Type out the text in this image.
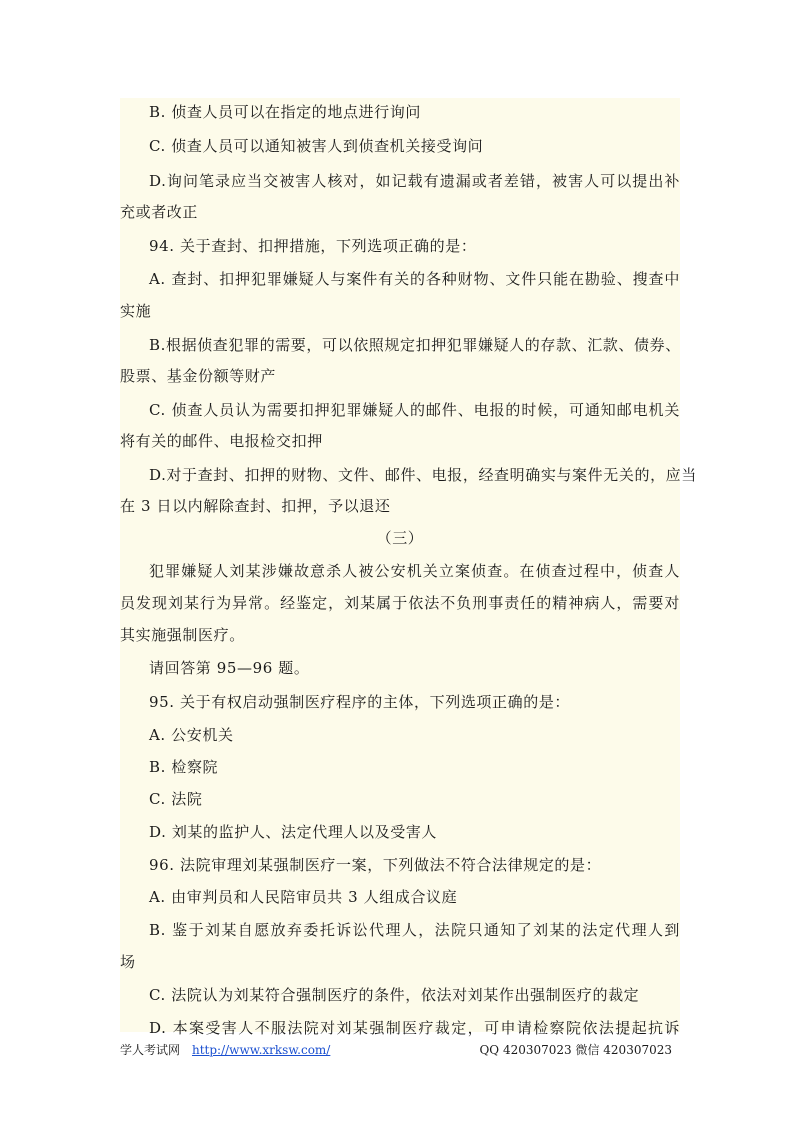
B. 侦查人员可以在指定的地点进行询问
C. 侦查人员可以通知被害人到侦查机关接受询问
D.询问笔录应当交被害人核对，如记载有遗漏或者差错，被害人可以提出补
充或者改正
94. 关于查封、扣押措施，下列选项正确的是：
A. 查封、扣押犯罪嫌疑人与案件有关的各种财物、文件只能在勘验、搜查中
实施
B.根据侦查犯罪的需要，可以依照规定扣押犯罪嫌疑人的存款、汇款、债券、
股票、基金份额等财产
C. 侦查人员认为需要扣押犯罪嫌疑人的邮件、电报的时候，可通知邮电机关
将有关的邮件、电报检交扣押
D.对于查封、扣押的财物、文件、邮件、电报，经查明确实与案件无关的，应当
在 3 日以内解除查封、扣押，予以退还
（三）
犯罪嫌疑人刘某涉嫌故意杀人被公安机关立案侦查。在侦查过程中，侦查人
员发现刘某行为异常。经鉴定，刘某属于依法不负刑事责任的精神病人，需要对
其实施强制医疗。
请回答第 95—96 题。
95. 关于有权启动强制医疗程序的主体，下列选项正确的是：
A. 公安机关
B. 检察院
C. 法院
D. 刘某的监护人、法定代理人以及受害人
96. 法院审理刘某强制医疗一案，下列做法不符合法律规定的是：
A. 由审判员和人民陪审员共 3 人组成合议庭
B. 鉴于刘某自愿放弃委托诉讼代理人，法院只通知了刘某的法定代理人到
场
C. 法院认为刘某符合强制医疗的条件，依法对刘某作出强制医疗的裁定
D. 本案受害人不服法院对刘某强制医疗裁定，可申请检察院依法提起抗诉
学人考试网 http://www.xrksw.com/	QQ 420307023 微信 420307023
